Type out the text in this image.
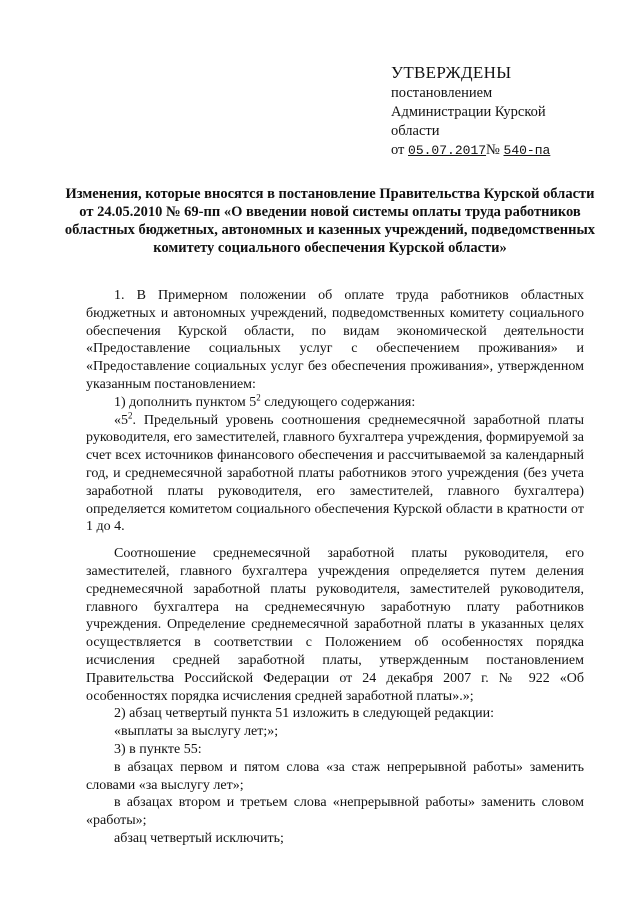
УТВЕРЖДЕНЫ
постановлением
Администрации Курской
области
от 05.07.2017№ 540-па
Изменения, которые вносятся в постановление Правительства Курской области от 24.05.2010 № 69-пп «О введении новой системы оплаты труда работников областных бюджетных, автономных и казенных учреждений, подведомственных комитету социального обеспечения Курской области»

1. В Примерном положении об оплате труда работников областных бюджетных и автономных учреждений, подведомственных комитету социального обеспечения Курской области, по видам экономической деятельности «Предоставление социальных услуг с обеспечением проживания» и «Предоставление социальных услуг без обеспечения проживания», утвержденном указанным постановлением:

1) дополнить пунктом $5^2$ следующего содержания:

«$5^2$. Предельный уровень соотношения среднемесячной заработной платы руководителя, его заместителей, главного бухгалтера учреждения, формируемой за счет всех источников финансового обеспечения и рассчитываемой за календарный год, и среднемесячной заработной платы работников этого учреждения (без учета заработной платы руководителя, его заместителей, главного бухгалтера) определяется комитетом социального обеспечения Курской области в кратности от 1 до 4.

Соотношение среднемесячной заработной платы руководителя, его заместителей, главного бухгалтера учреждения определяется путем деления среднемесячной заработной платы руководителя, заместителей руководителя, главного бухгалтера на среднемесячную заработную плату работников учреждения. Определение среднемесячной заработной платы в указанных целях осуществляется в соответствии с Положением об особенностях порядка исчисления средней заработной платы, утвержденным постановлением Правительства Российской Федерации от 24 декабря 2007 г. № 922 «Об особенностях порядка исчисления средней заработной платы».»;

2) абзац четвертый пункта 51 изложить в следующей редакции:

«выплаты за выслугу лет;»;

3) в пункте 55:

в абзацах первом и пятом слова «за стаж непрерывной работы» заменить словами «за выслугу лет»;

в абзацах втором и третьем слова «непрерывной работы» заменить словом «работы»;

абзац четвертый исключить;
